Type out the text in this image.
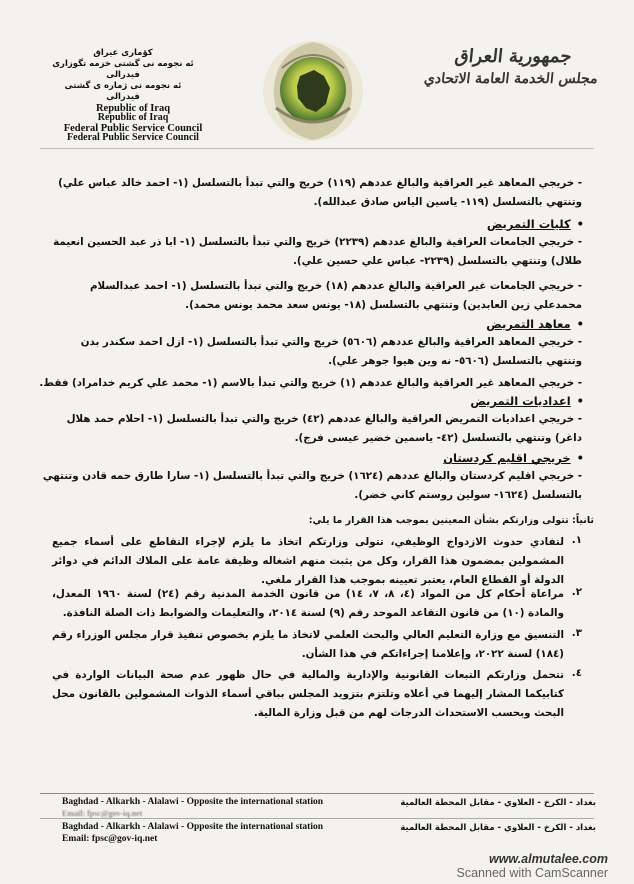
کۆماری عیراق
ئه نجومه نی گشتی خزمه تگوزاری فیدرالی
ئه نجومه نی ژماره ی گشتی فیدرالی
Republic of Iraq
Republic of Iraq
Federal Public Service Council
Federal Public Service Council
جمهورية العراق
مجلس الخدمة العامة الاتحادي

- خريجي المعاهد غير العراقية والبالغ عددهم (١١٩) خريج والتي تبدأ بالتسلسل (١- احمد خالد عباس علي)
وتنتهي بالتسلسل (١١٩- ياسين الياس صادق عبدالله).
• كليات التمريض
- خريجي الجامعات العراقية والبالغ عددهم (٢٢٣٩) خريج والتي تبدأ بالتسلسل (١- ابا ذر عبد الحسين انعيمة
طلال) وتنتهي بالتسلسل (٢٢٣٩- عباس علي حسين علي).
- خريجي الجامعات غير العراقية والبالغ عددهم (١٨) خريج والتي تبدأ بالتسلسل (١- احمد عبدالسلام
محمدعلي زين العابدين) وتنتهي بالتسلسل (١٨- يونس سعد محمد يونس محمد).
• معاهد التمريض
- خريجي المعاهد العراقية والبالغ عددهم (٥٦٠٦) خريج والتي تبدأ بالتسلسل (١- ازل احمد سكندر بدن
وتنتهي بالتسلسل (٥٦٠٦- نه وين هيوا جوهر علي).
- خريجي المعاهد غير العراقية والبالغ عددهم (١) خريج والتي تبدأ بالاسم (١- محمد علي كريم خدامراد) فقط.
• اعداديات التمريض
- خريجي اعداديات التمريض العراقية والبالغ عددهم (٤٢) خريج والتي تبدأ بالتسلسل (١- احلام حمد هلال
داغر) وتنتهي بالتسلسل (٤٢- ياسمين خضير عيسى فرج).
• خريجي اقليم كردستان
- خريجي اقليم كردستان والبالغ عددهم (١٦٢٤) خريج والتي تبدأ بالتسلسل (١- سارا طارق حمه قادن وتنتهي
بالتسلسل (١٦٢٤- سولين روستم كاني خضر).
ثانياً: تتولى وزارتكم بشأن المعينين بموجب هذا القرار ما يلي:
١.
لتفادي حدوث الازدواج الوظيفي، تتولى وزارتكم اتخاذ ما يلزم لإجراء التقاطع على أسماء جميع المشمولين بمضمون هذا القرار، وكل من يثبت منهم اشغاله وظيفة عامة على الملاك الدائم في دوائر الدولة أو القطاع العام، يعتبر تعيينه بموجب هذا القرار ملغي.
٢.
مراعاة أحكام كل من المواد (٤، ٨، ٧، ١٤) من قانون الخدمة المدنية رقم (٢٤) لسنة ١٩٦٠ المعدل، والمادة (١٠) من قانون التقاعد الموحد رقم (٩) لسنة ٢٠١٤، والتعليمات والضوابط ذات الصلة النافذة.
٣.
التنسيق مع وزارة التعليم العالي والبحث العلمي لاتخاذ ما يلزم بخصوص تنفيذ قرار مجلس الوزراء رقم (١٨٤) لسنة ٢٠٢٢، وإعلامنا إجراءاتكم في هذا الشأن.
٤.
تتحمل وزارتكم التبعات القانونية والإدارية والمالية في حال ظهور عدم صحة البيانات الواردة في كتابيكما المشار إليهما في أعلاه وتلتزم بتزويد المجلس بباقي أسماء الذوات المشمولين بالقانون محل البحث وبحسب الاستحداث الدرجات لهم من قبل وزارة المالية.
Baghdad - Alkarkh - Alalawi - Opposite the international station	بغداد - الكرخ - العلاوي - مقابل المحطة العالمية
Email: fpsc@gov-iq.net
Baghdad - Alkarkh - Alalawi - Opposite the international station	بغداد - الكرخ - العلاوي - مقابل المحطة العالمية
Email: fpsc@gov-iq.net
www.almutalee.com
Scanned with CamScanner
